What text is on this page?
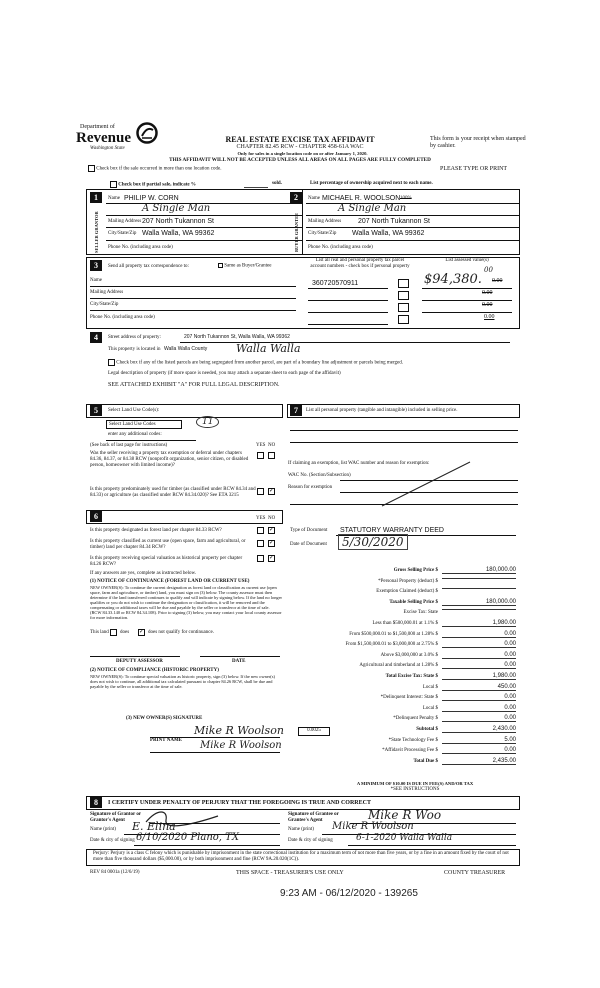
Department of
Revenue
Washington State
REAL ESTATE EXCISE TAX AFFIDAVIT
CHAPTER 82.45 RCW - CHAPTER 458-61A WAC
Only for sales in a single location code on or after January 1, 2020.
This form is your receipt when stamped by cashier.
THIS AFFIDAVIT WILL NOT BE ACCEPTED UNLESS ALL AREAS ON ALL PAGES ARE FULLY COMPLETED
Check box if the sale occurred in more than one location code.	PLEASE TYPE OR PRINT
Check box if partial sale, indicate %	sold.	List percentage of ownership acquired next to each name.
1
SELLER GRANTOR
Name PHILIP W. CORN
A Single Man
Mailing Address 207 North Tukannon St
City/State/Zip Walla Walla, WA 99362
Phone No. (including area code)
2
BUYER GRANTEE
Name MICHAEL R. WOOLSON 100%
A Single Man
Mailing Address 207 North Tukannon St
City/State/Zip Walla Walla, WA 99362
Phone No. (including area code)
3	Send all property tax correspondence to:	Same as Buyer/Grantee
List all real and personal property tax parcel account numbers - check box if personal property
List assessed value(s)
Name
Mailing Address
City/State/Zip
Phone No. (including area code)
360720570911	$94,380.
00
0.00
0.00
0.00
0.00
4	Street address of property:	207 North Tukannon St, Walla Walla, WA 99362
This property is located in Walla Walla County	Walla Walla
Check box if any of the listed parcels are being segregated from another parcel, are part of a boundary line adjustment or parcels being merged.
Legal description of property (if more space is needed, you may attach a separate sheet to each page of the affidavit)
SEE ATTACHED EXHIBIT "A" FOR FULL LEGAL DESCRIPTION.
5	Select Land Use Code(s):
Select Land Use Codes	11
enter any additional codes:
(See back of last page for instructions)	YES NO
Was the seller receiving a property tax exemption or deferral under chapters 84.36, 84.37, or 84.38 RCW (nonprofit organization, senior citizen, or disabled person, homeowner with limited income)?
Is this property predominately used for timber (as classified under RCW 84.34 and 84.33) or agriculture (as classified under RCW 84.34.020)? See ETA 3215
✓
7	List all personal property (tangible and intangible) included in selling price.
If claiming an exemption, list WAC number and reason for exemption:
WAC No. (Section/Subsection)
Reason for exemption
6	YES NO
Is this property designated as forest land per chapter 84.33 RCW?	✓
Is this property classified as current use (open space, farm and agricultural, or timber) land per chapter 84.34 RCW?
✓
Is this property receiving special valuation as historical property per chapter 84.26 RCW?
✓
If any answers are yes, complete as instructed below.
(1) NOTICE OF CONTINUANCE (FOREST LAND OR CURRENT USE)
NEW OWNER(S): To continue the current designation as forest land or classification as current use (open space, farm and agriculture, or timber) land, you must sign on (3) below. The county assessor must then determine if the land transferred continues to qualify and will indicate by signing below. If the land no longer qualifies or you do not wish to continue the designation or classification, it will be removed and the compensating or additional taxes will be due and payable by the seller or transferor at the time of sale. (RCW 84.33.140 or RCW 84.34.108). Prior to signing (3) below, you may contact your local county assessor for more information.
This land does ✓ does not qualify for continuance.
DEPUTY ASSESSOR	DATE
(2) NOTICE OF COMPLIANCE (HISTORIC PROPERTY)
NEW OWNER(S): To continue special valuation as historic property, sign (3) below. If the new owner(s) does not wish to continue, all additional tax calculated pursuant to chapter 84.26 RCW, shall be due and payable by the seller or transferor at the time of sale.
(3) NEW OWNER(S) SIGNATURE
Mike R Woolson
PRINT NAME Mike R Woolson
Type of Document STATUTORY WARRANTY DEED
Date of Document	5/30/2020
Gross Selling Price $	180,000.00
*Personal Property (deduct) $
Exemption Claimed (deduct) $
Taxable Selling Price $	180,000.00
Excise Tax: State
Less than $500,000.01 at 1.1% $	1,980.00
From $500,000.01 to $1,500,000 at 1.28% $	0.00
From $1,500,000.01 to $3,000,000 at 2.75% $	0.00
Above $3,000,000 at 3.0% $	0.00
Agricultural and timberland at 1.28% $	0.00
Total Excise Tax: State $	1,980.00
Local $	450.00
*Delinquent Interest: State $	0.00
Local $	0.00
*Delinquent Penalty $	0.00
Subtotal $	2,430.00
*State Technology Fee $	5.00
*Affidavit Processing Fee $	0.00
Total Due $	2,435.00
0.0025
A MINIMUM OF $10.00 IS DUE IN FEE(S) AND/OR TAX
*SEE INSTRUCTIONS
8	I CERTIFY UNDER PENALTY OF PERJURY THAT THE FOREGOING IS TRUE AND CORRECT
Signature of Grantor or Grantor's Agent
Name (print) E. Elina
Date & city of signing 6/10/2020 Plano, TX
Signature of Grantee or Grantee's Agent	Mike R Woo
Name (print) Mike R Woolson
Date & city of signing	6-1-2020 Walla Walla
Perjury: Perjury is a class C felony which is punishable by imprisonment in the state correctional institution for a maximum term of not more than five years, or by a fine in an amount fixed by the court of not more than five thousand dollars ($5,000.00), or by both imprisonment and fine (RCW 9A.20.020(1C)).
REV 84 0001a (12/6/19)	THIS SPACE - TREASURER'S USE ONLY	COUNTY TREASURER
9:23 AM - 06/12/2020 - 139265
